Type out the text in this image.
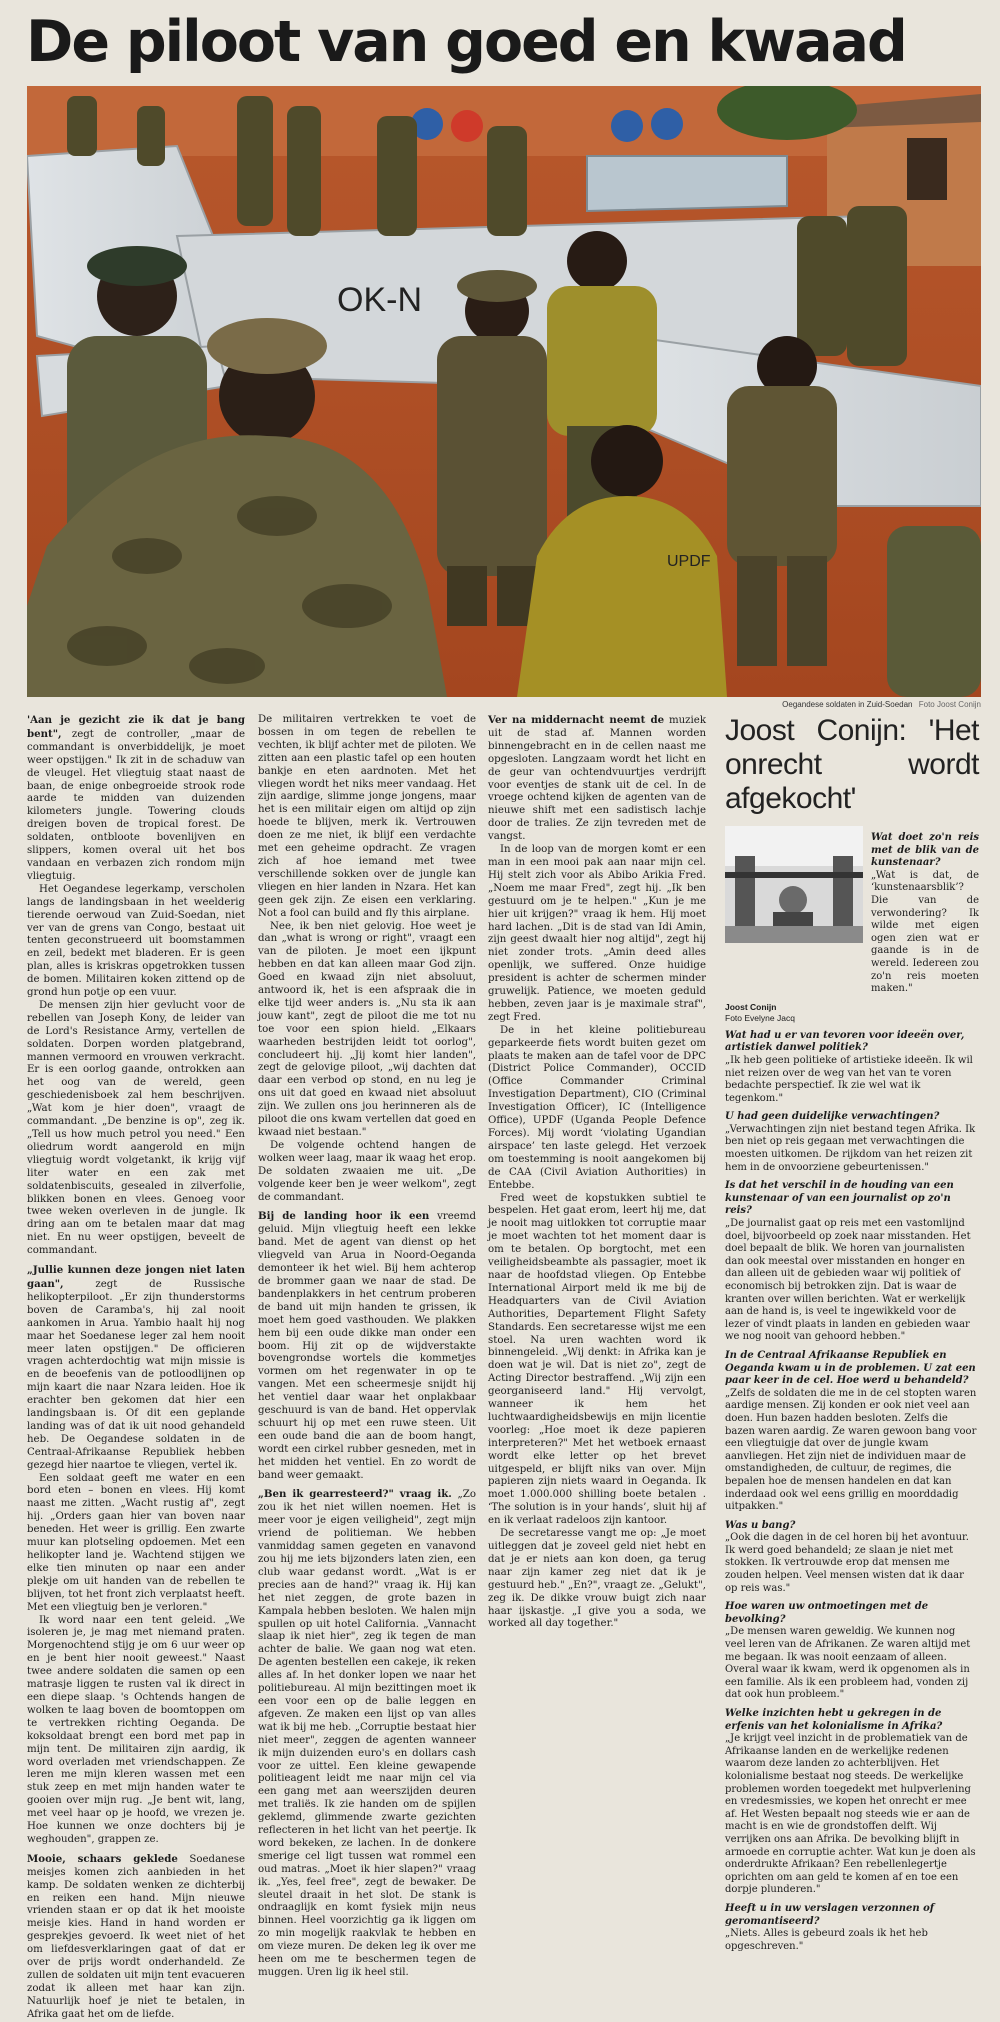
De piloot van goed en kwaad
OK-N
UPDF
Oegandese soldaten in Zuid-Soedan Foto Joost Conijn

'Aan je gezicht zie ik dat je bang bent", zegt de controller, „maar de commandant is onverbiddelijk, je moet weer opstijgen." Ik zit in de schaduw van de vleugel. Het vliegtuig staat naast de baan, de enige onbegroeide strook rode aarde te midden van duizenden kilometers jungle. Towering clouds dreigen boven de tropical forest. De soldaten, ontbloote bovenlijven en slippers, komen overal uit het bos vandaan en verbazen zich rondom mijn vliegtuig.

Het Oegandese legerkamp, verscholen langs de landingsbaan in het weelderig tierende oerwoud van Zuid-Soedan, niet ver van de grens van Congo, bestaat uit tenten geconstrueerd uit boomstammen en zeil, bedekt met bladeren. Er is geen plan, alles is kriskras opgetrokken tussen de bomen. Militairen koken zittend op de grond hun potje op een vuur.

De mensen zijn hier gevlucht voor de rebellen van Joseph Kony, de leider van de Lord's Resistance Army, vertellen de soldaten. Dorpen worden platgebrand, mannen vermoord en vrouwen verkracht. Er is een oorlog gaande, ontrokken aan het oog van de wereld, geen geschiedenisboek zal hem beschrijven. „Wat kom je hier doen", vraagt de commandant. „De benzine is op", zeg ik. „Tell us how much petrol you need." Een oliedrum wordt aangerold en mijn vliegtuig wordt volgetankt, ik krijg vijf liter water en een zak met soldatenbiscuits, gesealed in zilverfolie, blikken bonen en vlees. Genoeg voor twee weken overleven in de jungle. Ik dring aan om te betalen maar dat mag niet. En nu weer opstijgen, beveelt de commandant.

„Jullie kunnen deze jongen niet laten gaan", zegt de Russische helikopterpiloot. „Er zijn thunderstorms boven de Caramba's, hij zal nooit aankomen in Arua. Yambio haalt hij nog maar het Soedanese leger zal hem nooit meer laten opstijgen." De officieren vragen achterdochtig wat mijn missie is en de beoefenis van de potloodlijnen op mijn kaart die naar Nzara leiden. Hoe ik erachter ben gekomen dat hier een landingsbaan is. Of dit een geplande landing was of dat ik uit nood gehandeld heb. De Oegandese soldaten in de Centraal-Afrikaanse Republiek hebben gezegd hier naartoe te vliegen, vertel ik.

Een soldaat geeft me water en een bord eten – bonen en vlees. Hij komt naast me zitten. „Wacht rustig af", zegt hij. „Orders gaan hier van boven naar beneden. Het weer is grillig. Een zwarte muur kan plotseling opdoemen. Met een helikopter land je. Wachtend stijgen we elke tien minuten op naar een ander plekje om uit handen van de rebellen te blijven, tot het front zich verplaatst heeft. Met een vliegtuig ben je verloren."

Ik word naar een tent geleid. „We isoleren je, je mag met niemand praten. Morgenochtend stijg je om 6 uur weer op en je bent hier nooit geweest." Naast twee andere soldaten die samen op een matrasje liggen te rusten val ik direct in een diepe slaap. 's Ochtends hangen de wolken te laag boven de boomtoppen om te vertrekken richting Oeganda. De koksoldaat brengt een bord met pap in mijn tent. De militairen zijn aardig, ik word overladen met vriendschappen. Ze leren me mijn kleren wassen met een stuk zeep en met mijn handen water te gooien over mijn rug. „Je bent wit, lang, met veel haar op je hoofd, we vrezen je. Hoe kunnen we onze dochters bij je weghouden", grappen ze.

Mooie, schaars geklede Soedanese meisjes komen zich aanbieden in het kamp. De soldaten wenken ze dichterbij en reiken een hand. Mijn nieuwe vrienden staan er op dat ik het mooiste meisje kies. Hand in hand worden er gesprekjes gevoerd. Ik weet niet of het om liefdesverklaringen gaat of dat er over de prijs wordt onderhandeld. Ze zullen de soldaten uit mijn tent evacueren zodat ik alleen met haar kan zijn. Natuurlijk hoef je niet te betalen, in Afrika gaat het om de liefde.

De militairen vertrekken te voet de bossen in om tegen de rebellen te vechten, ik blijf achter met de piloten. We zitten aan een plastic tafel op een houten bankje en eten aardnoten. Met het vliegen wordt het niks meer vandaag. Het zijn aardige, slimme jonge jongens, maar het is een militair eigen om altijd op zijn hoede te blijven, merk ik. Vertrouwen doen ze me niet, ik blijf een verdachte met een geheime opdracht. Ze vragen zich af hoe iemand met twee verschillende sokken over de jungle kan vliegen en hier landen in Nzara. Het kan geen gek zijn. Ze eisen een verklaring. Not a fool can build and fly this airplane.

Nee, ik ben niet gelovig. Hoe weet je dan „what is wrong or right", vraagt een van de piloten. Je moet een ijkpunt hebben en dat kan alleen maar God zijn. Goed en kwaad zijn niet absoluut, antwoord ik, het is een afspraak die in elke tijd weer anders is. „Nu sta ik aan jouw kant", zegt de piloot die me tot nu toe voor een spion hield. „Elkaars waarheden bestrijden leidt tot oorlog", concludeert hij. „Jij komt hier landen", zegt de gelovige piloot, „wij dachten dat daar een verbod op stond, en nu leg je ons uit dat goed en kwaad niet absoluut zijn. We zullen ons jou herinneren als de piloot die ons kwam vertellen dat goed en kwaad niet bestaan."

De volgende ochtend hangen de wolken weer laag, maar ik waag het erop. De soldaten zwaaien me uit. „De volgende keer ben je weer welkom", zegt de commandant.

Bij de landing hoor ik een vreemd geluid. Mijn vliegtuig heeft een lekke band. Met de agent van dienst op het vliegveld van Arua in Noord-Oeganda demonteer ik het wiel. Bij hem achterop de brommer gaan we naar de stad. De bandenplakkers in het centrum proberen de band uit mijn handen te grissen, ik moet hem goed vasthouden. We plakken hem bij een oude dikke man onder een boom. Hij zit op de wijdverstakte bovengrondse wortels die kommetjes vormen om het regenwater in op te vangen. Met een scheermesje snijdt hij het ventiel daar waar het onplakbaar geschuurd is van de band. Het oppervlak schuurt hij op met een ruwe steen. Uit een oude band die aan de boom hangt, wordt een cirkel rubber gesneden, met in het midden het ventiel. En zo wordt de band weer gemaakt.

„Ben ik gearresteerd?" vraag ik. „Zo zou ik het niet willen noemen. Het is meer voor je eigen veiligheid", zegt mijn vriend de politieman. We hebben vanmiddag samen gegeten en vanavond zou hij me iets bijzonders laten zien, een club waar gedanst wordt. „Wat is er precies aan de hand?" vraag ik. Hij kan het niet zeggen, de grote bazen in Kampala hebben besloten. We halen mijn spullen op uit hotel California. „Vannacht slaap ik niet hier", zeg ik tegen de man achter de balie. We gaan nog wat eten. De agenten bestellen een cakeje, ik reken alles af. In het donker lopen we naar het politiebureau. Al mijn bezittingen moet ik een voor een op de balie leggen en afgeven. Ze maken een lijst op van alles wat ik bij me heb. „Corruptie bestaat hier niet meer", zeggen de agenten wanneer ik mijn duizenden euro's en dollars cash voor ze uittel. Een kleine gewapende politieagent leidt me naar mijn cel via een gang met aan weerszijden deuren met traliës. Ik zie handen om de spijlen geklemd, glimmende zwarte gezichten reflecteren in het licht van het peertje. Ik word bekeken, ze lachen. In de donkere smerige cel ligt tussen wat rommel een oud matras. „Moet ik hier slapen?" vraag ik. „Yes, feel free", zegt de bewaker. De sleutel draait in het slot. De stank is ondraaglijk en komt fysiek mijn neus binnen. Heel voorzichtig ga ik liggen om zo min mogelijk raakvlak te hebben en om vieze muren. De deken leg ik over me heen om me te beschermen tegen de muggen. Uren lig ik heel stil.

Ver na middernacht neemt de muziek uit de stad af. Mannen worden binnengebracht en in de cellen naast me opgesloten. Langzaam wordt het licht en de geur van ochtendvuurtjes verdrijft voor eventjes de stank uit de cel. In de vroege ochtend kijken de agenten van de nieuwe shift met een sadistisch lachje door de tralies. Ze zijn tevreden met de vangst.

In de loop van de morgen komt er een man in een mooi pak aan naar mijn cel. Hij stelt zich voor als Abibo Arikia Fred. „Noem me maar Fred", zegt hij. „Ik ben gestuurd om je te helpen." „Kun je me hier uit krijgen?" vraag ik hem. Hij moet hard lachen. „Dit is de stad van Idi Amin, zijn geest dwaalt hier nog altijd", zegt hij niet zonder trots. „Amin deed alles openlijk, we suffered. Onze huidige president is achter de schermen minder gruwelijk. Patience, we moeten geduld hebben, zeven jaar is je maximale straf", zegt Fred.

De in het kleine politiebureau geparkeerde fiets wordt buiten gezet om plaats te maken aan de tafel voor de DPC (District Police Commander), OCCID (Office Commander Criminal Investigation Department), CIO (Criminal Investigation Officer), IC (Intelligence Office), UPDF (Uganda People Defence Forces). Mij wordt ‘violating Ugandian airspace’ ten laste gelegd. Het verzoek om toestemming is nooit aangekomen bij de CAA (Civil Aviation Authorities) in Entebbe.

Fred weet de kopstukken subtiel te bespelen. Het gaat erom, leert hij me, dat je nooit mag uitlokken tot corruptie maar je moet wachten tot het moment daar is om te betalen. Op borgtocht, met een veiligheidsbeambte als passagier, moet ik naar de hoofdstad vliegen. Op Entebbe International Airport meld ik me bij de Headquarters van de Civil Aviation Authorities, Departement Flight Safety Standards. Een secretaresse wijst me een stoel. Na uren wachten word ik binnengeleid. „Wij denkt: in Afrika kan je doen wat je wil. Dat is niet zo", zegt de Acting Director bestraffend. „Wij zijn een georganiseerd land." Hij vervolgt, wanneer ik hem het luchtwaardigheidsbewijs en mijn licentie voorleg: „Hoe moet ik deze papieren interpreteren?" Met het wetboek ernaast wordt elke letter op het brevet uitgespeld, er blijft niks van over. Mijn papieren zijn niets waard in Oeganda. Ik moet 1.000.000 shilling boete betalen . ‘The solution is in your hands’, sluit hij af en ik verlaat radeloos zijn kantoor.

De secretaresse vangt me op: „Je moet uitleggen dat je zoveel geld niet hebt en dat je er niets aan kon doen, ga terug naar zijn kamer zeg niet dat ik je gestuurd heb." „En?", vraagt ze. „Gelukt", zeg ik. De dikke vrouw buigt zich naar haar ijskastje. „I give you a soda, we worked all day together."

Joost Conijn: 'Het onrecht wordt afgekocht'

Wat doet zo'n reis met de blik van de kunstenaar?

„Wat is dat, de ‘kunstenaarsblik’? Die van de verwondering? Ik wilde met eigen ogen zien wat er gaande is in de wereld. Iedereen zou zo'n reis moeten maken."

Joost Conijn
Foto Evelyne Jacq

Wat had u er van tevoren voor ideeën over, artistiek danwel politiek?

„Ik heb geen politieke of artistieke ideeën. Ik wil niet reizen over de weg van het van te voren bedachte perspectief. Ik zie wel wat ik tegenkom."

U had geen duidelijke verwachtingen?

„Verwachtingen zijn niet bestand tegen Afrika. Ik ben niet op reis gegaan met verwachtingen die moesten uitkomen. De rijkdom van het reizen zit hem in de onvoorziene gebeurtenissen."

Is dat het verschil in de houding van een kunstenaar of van een journalist op zo'n reis?

„De journalist gaat op reis met een vastomlijnd doel, bijvoorbeeld op zoek naar misstanden. Het doel bepaalt de blik. We horen van journalisten dan ook meestal over misstanden en honger en dan alleen uit de gebieden waar wij politiek of economisch bij betrokken zijn. Dat is waar de kranten over willen berichten. Wat er werkelijk aan de hand is, is veel te ingewikkeld voor de lezer of vindt plaats in landen en gebieden waar we nog nooit van gehoord hebben."

In de Centraal Afrikaanse Republiek en Oeganda kwam u in de problemen. U zat een paar keer in de cel. Hoe werd u behandeld?

„Zelfs de soldaten die me in de cel stopten waren aardige mensen. Zij konden er ook niet veel aan doen. Hun bazen hadden besloten. Zelfs die bazen waren aardig. Ze waren gewoon bang voor een vliegtuigje dat over de jungle kwam aanvliegen. Het zijn niet de individuen maar de omstandigheden, de cultuur, de regimes, die bepalen hoe de mensen handelen en dat kan inderdaad ook wel eens grillig en moorddadig uitpakken."

Was u bang?

„Ook die dagen in de cel horen bij het avontuur. Ik werd goed behandeld; ze slaan je niet met stokken. Ik vertrouwde erop dat mensen me zouden helpen. Veel mensen wisten dat ik daar op reis was."

Hoe waren uw ontmoetingen met de bevolking?

„De mensen waren geweldig. We kunnen nog veel leren van de Afrikanen. Ze waren altijd met me begaan. Ik was nooit eenzaam of alleen. Overal waar ik kwam, werd ik opgenomen als in een familie. Als ik een probleem had, vonden zij dat ook hun probleem."

Welke inzichten hebt u gekregen in de erfenis van het kolonialisme in Afrika?

„Je krijgt veel inzicht in de problematiek van de Afrikaanse landen en de werkelijke redenen waarom deze landen zo achterblijven. Het kolonialisme bestaat nog steeds. De werkelijke problemen worden toegedekt met hulpverlening en vredesmissies, we kopen het onrecht er mee af. Het Westen bepaalt nog steeds wie er aan de macht is en wie de grondstoffen delft. Wij verrijken ons aan Afrika. De bevolking blijft in armoede en corruptie achter. Wat kun je doen als onderdrukte Afrikaan? Een rebellenlegertje oprichten om aan geld te komen af en toe een dorpje plunderen."

Heeft u in uw verslagen verzonnen of geromantiseerd?

„Niets. Alles is gebeurd zoals ik het heb opgeschreven."
